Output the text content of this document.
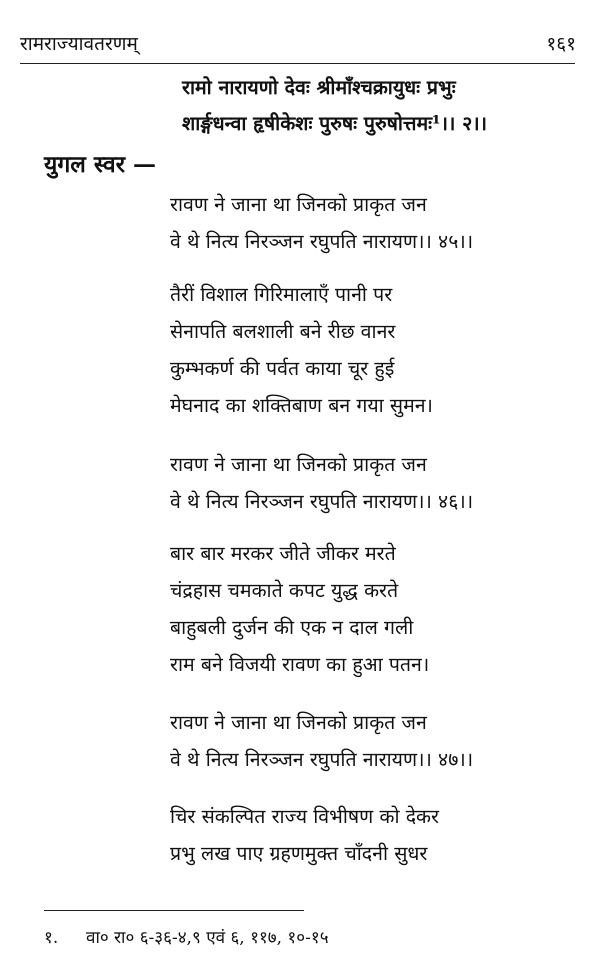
रामराज्यावतरणम्	१६१
रामो नारायणो देवः श्रीमाँश्चक्रायुधः प्रभुः
शार्ङ्गधन्वा हृषीकेशः पुरुषः पुरुषोत्तमः¹।। २।।
युगल स्वर —
रावण ने जाना था जिनको प्राकृत जन
वे थे नित्य निरञ्जन रघुपति नारायण।। ४५।।
तैरीं विशाल गिरिमालाएँ पानी पर
सेनापति बलशाली बने रीछ वानर
कुम्भकर्ण की पर्वत काया चूर हुई
मेघनाद का शक्तिबाण बन गया सुमन।
रावण ने जाना था जिनको प्राकृत जन
वे थे नित्य निरञ्जन रघुपति नारायण।। ४६।।
बार बार मरकर जीते जीकर मरते
चंद्रहास चमकाते कपट युद्ध करते
बाहुबली दुर्जन की एक न दाल गली
राम बने विजयी रावण का हुआ पतन।
रावण ने जाना था जिनको प्राकृत जन
वे थे नित्य निरञ्जन रघुपति नारायण।। ४७।।
चिर संकल्पित राज्य विभीषण को देकर
प्रभु लख पाए ग्रहणमुक्त चाँदनी सुधर
१. वा० रा० ६-३६-४,९ एवं ६, ११७, १०-१५
